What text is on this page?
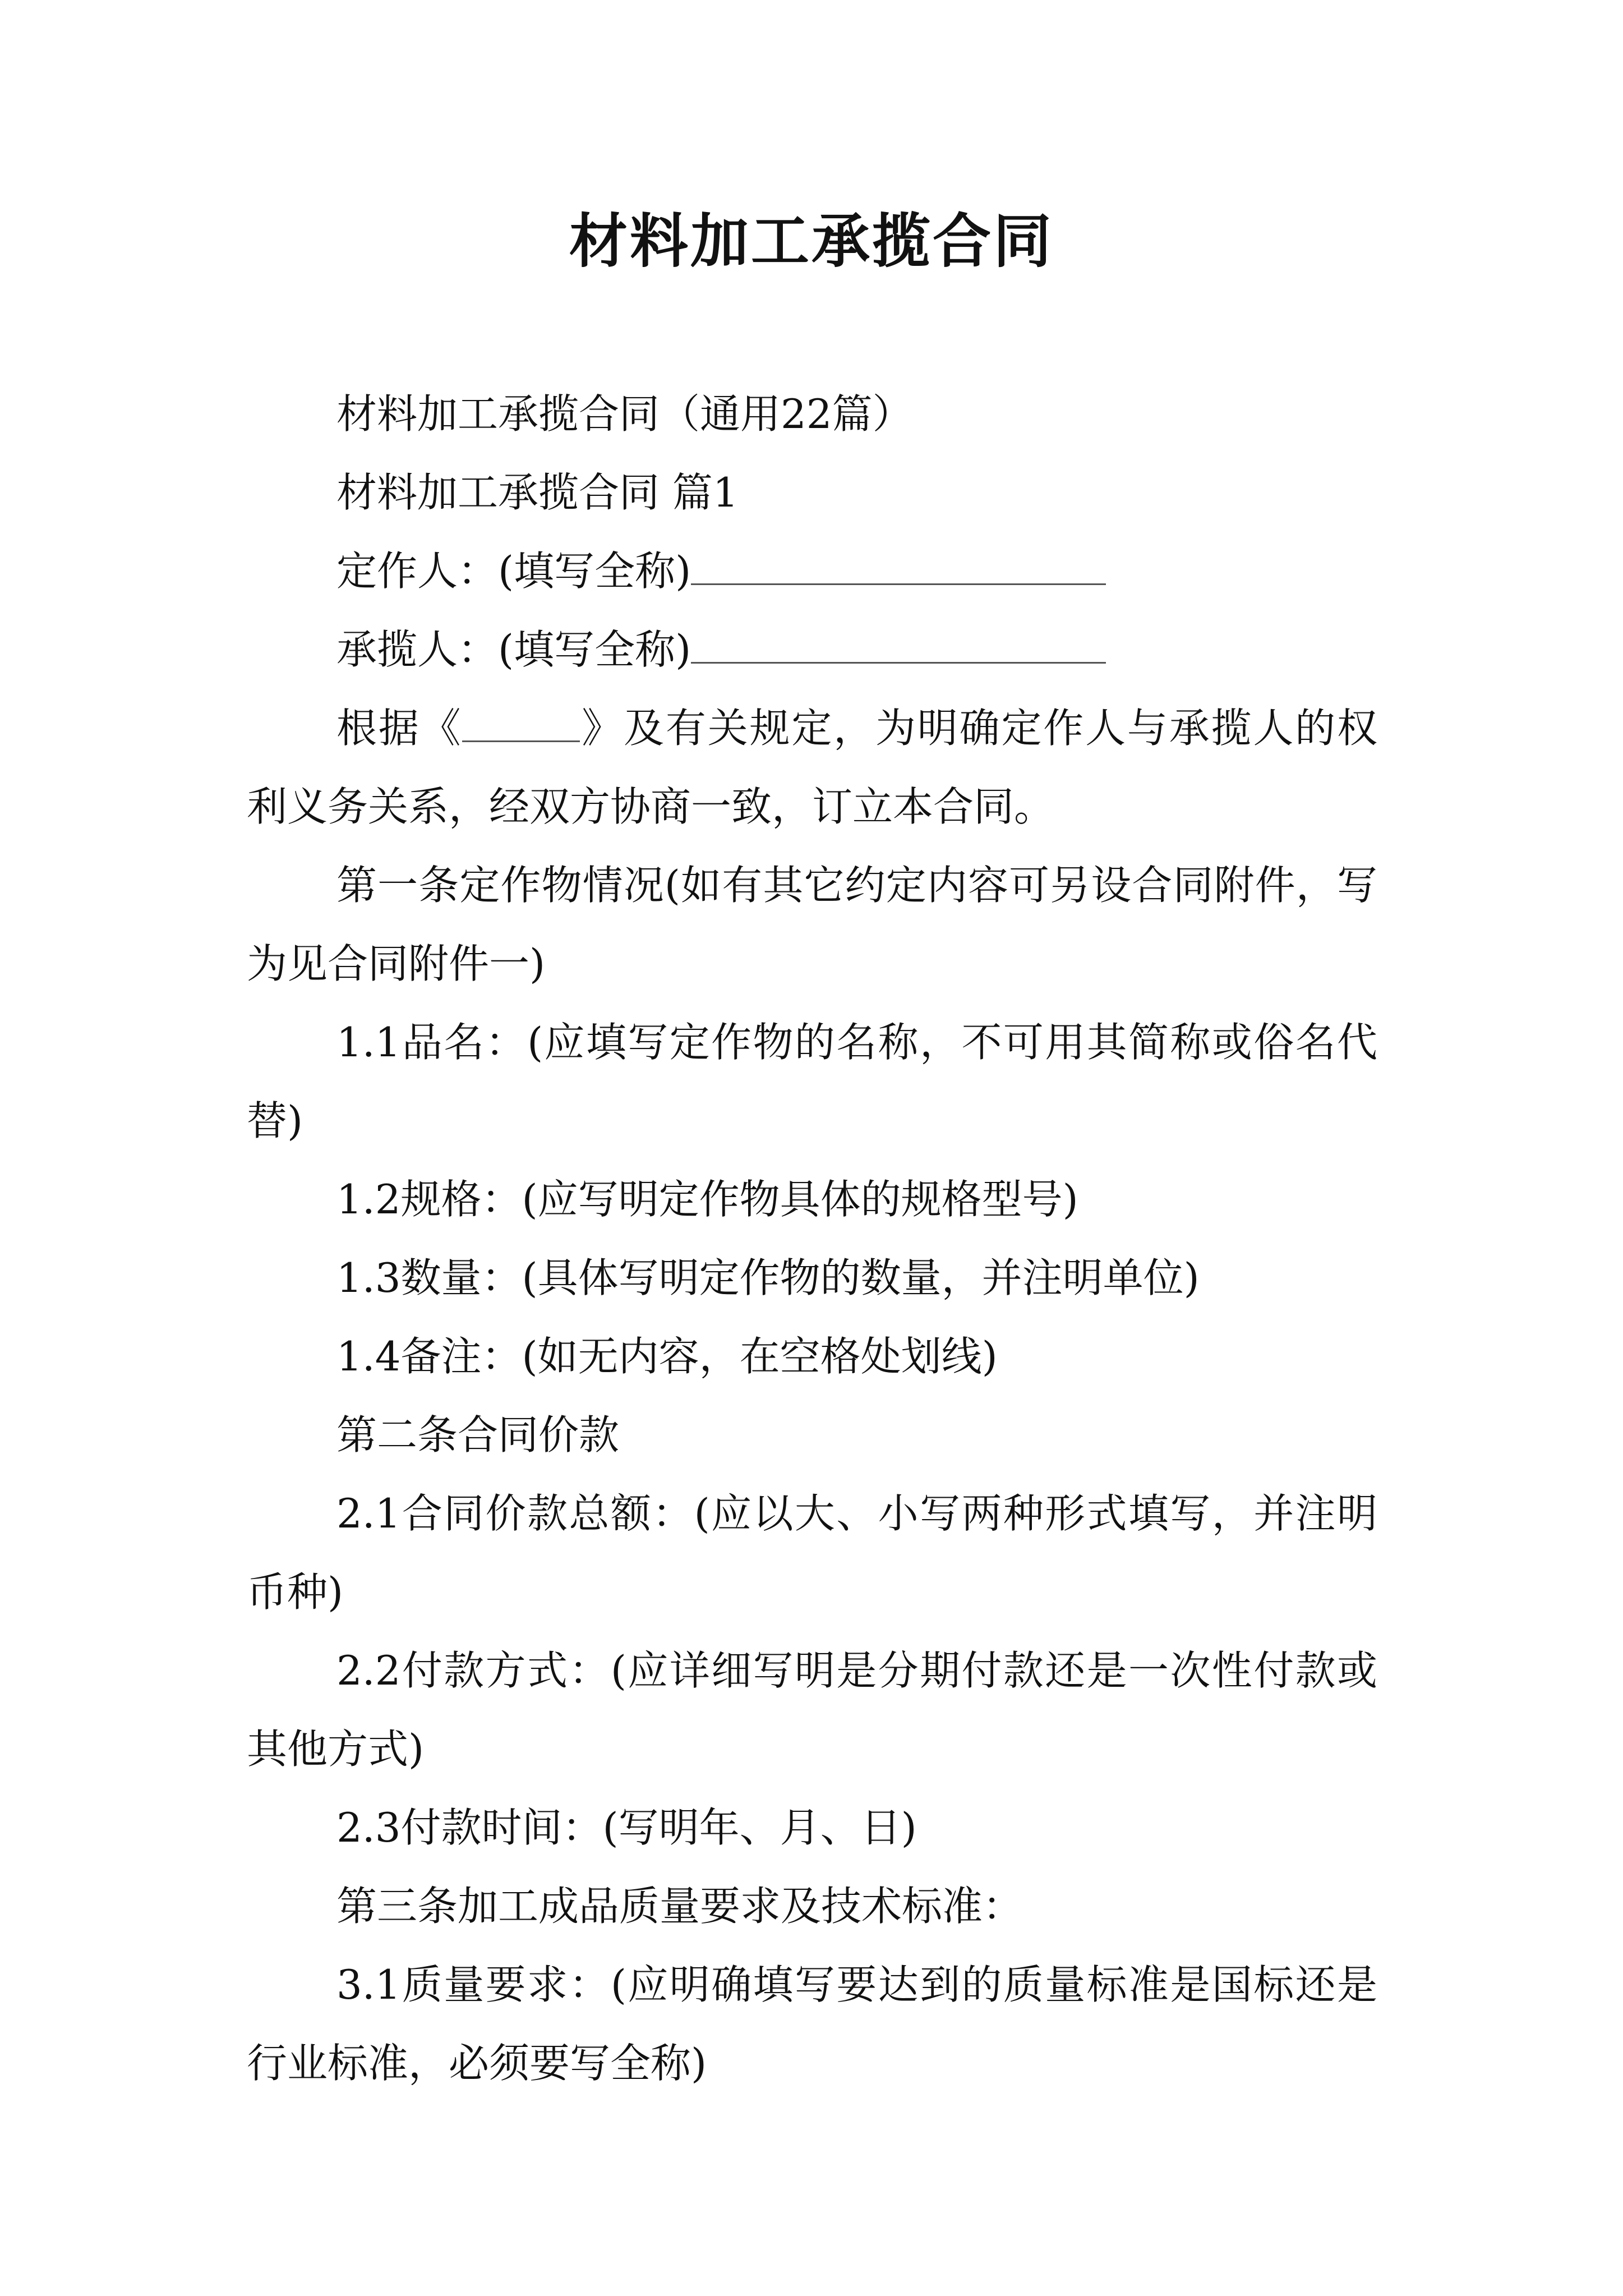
材料加工承揽合同

材料加工承揽合同（通用22篇）

材料加工承揽合同 篇1

定作人：(填写全称)

承揽人：(填写全称)

根据《	》及有关规定，为明确定作人与承揽人的权利义务关系，经双方协商一致，订立本合同。

第一条定作物情况(如有其它约定内容可另设合同附件，写为见合同附件一)

1.1品名：(应填写定作物的名称，不可用其简称或俗名代替)

1.2规格：(应写明定作物具体的规格型号)

1.3数量：(具体写明定作物的数量，并注明单位)

1.4备注：(如无内容，在空格处划线)

第二条合同价款

2.1合同价款总额：(应以大、小写两种形式填写，并注明币种)

2.2付款方式：(应详细写明是分期付款还是一次性付款或其他方式)

2.3付款时间：(写明年、月、日)

第三条加工成品质量要求及技术标准：

3.1质量要求：(应明确填写要达到的质量标准是国标还是行业标准，必须要写全称)
